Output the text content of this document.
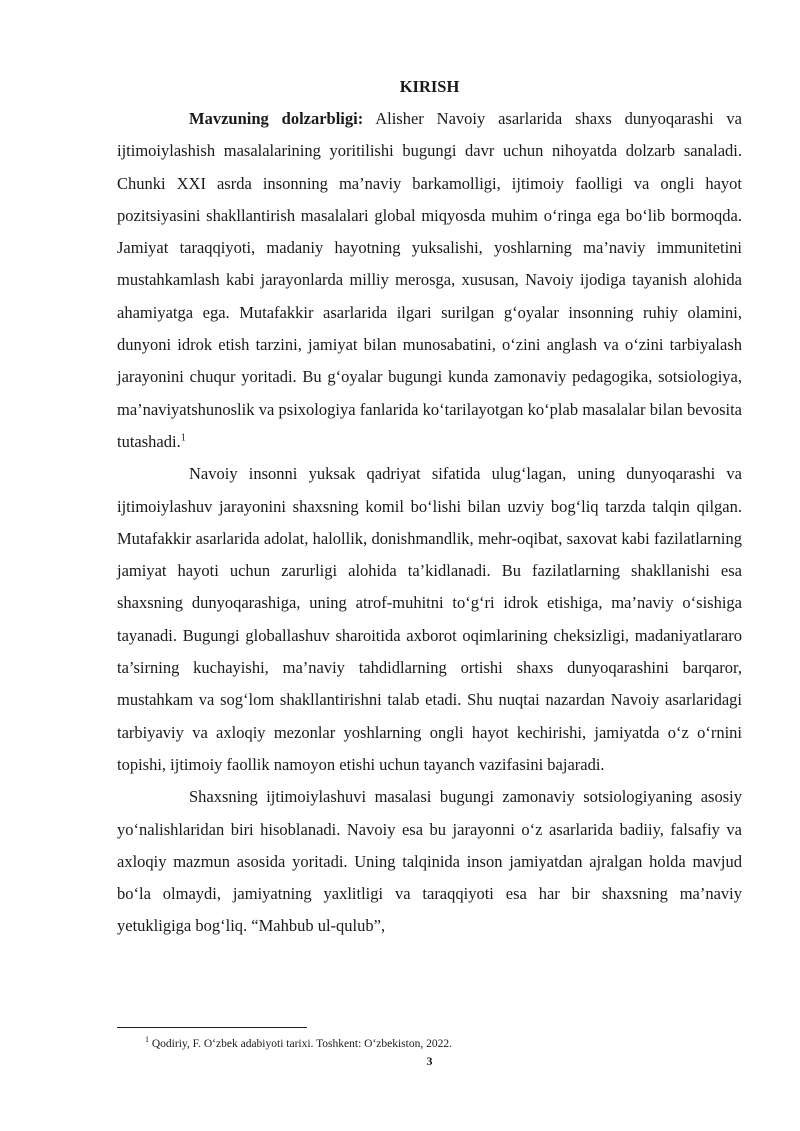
KIRISH

Mavzuning dolzarbligi: Alisher Navoiy asarlarida shaxs dunyoqarashi va ijtimoiylashish masalalarining yoritilishi bugungi davr uchun nihoyatda dolzarb sanaladi. Chunki XXI asrda insonning ma’naviy barkamolligi, ijtimoiy faolligi va ongli hayot pozitsiyasini shakllantirish masalalari global miqyosda muhim o‘ringa ega bo‘lib bormoqda. Jamiyat taraqqiyoti, madaniy hayotning yuksalishi, yoshlarning ma’naviy immunitetini mustahkamlash kabi jarayonlarda milliy merosga, xususan, Navoiy ijodiga tayanish alohida ahamiyatga ega. Mutafakkir asarlarida ilgari surilgan g‘oyalar insonning ruhiy olamini, dunyoni idrok etish tarzini, jamiyat bilan munosabatini, o‘zini anglash va o‘zini tarbiyalash jarayonini chuqur yoritadi. Bu g‘oyalar bugungi kunda zamonaviy pedagogika, sotsiologiya, ma’naviyatshunoslik va psixologiya fanlarida ko‘tarilayotgan ko‘plab masalalar bilan bevosita tutashadi.$^1$

Navoiy insonni yuksak qadriyat sifatida ulug‘lagan, uning dunyoqarashi va ijtimoiylashuv jarayonini shaxsning komil bo‘lishi bilan uzviy bog‘liq tarzda talqin qilgan. Mutafakkir asarlarida adolat, halollik, donishmandlik, mehr-oqibat, saxovat kabi fazilatlarning jamiyat hayoti uchun zarurligi alohida ta’kidlanadi. Bu fazilatlarning shakllanishi esa shaxsning dunyoqarashiga, uning atrof-muhitni to‘g‘ri idrok etishiga, ma’naviy o‘sishiga tayanadi. Bugungi globallashuv sharoitida axborot oqimlarining cheksizligi, madaniyatlararo ta’sirning kuchayishi, ma’naviy tahdidlarning ortishi shaxs dunyoqarashini barqaror, mustahkam va sog‘lom shakllantirishni talab etadi. Shu nuqtai nazardan Navoiy asarlaridagi tarbiyaviy va axloqiy mezonlar yoshlarning ongli hayot kechirishi, jamiyatda o‘z o‘rnini topishi, ijtimoiy faollik namoyon etishi uchun tayanch vazifasini bajaradi.

Shaxsning ijtimoiylashuvi masalasi bugungi zamonaviy sotsiologiyaning asosiy yo‘nalishlaridan biri hisoblanadi. Navoiy esa bu jarayonni o‘z asarlarida badiiy, falsafiy va axloqiy mazmun asosida yoritadi. Uning talqinida inson jamiyatdan ajralgan holda mavjud bo‘la olmaydi, jamiyatning yaxlitligi va taraqqiyoti esa har bir shaxsning ma’naviy yetukligiga bog‘liq. “Mahbub ul-qulub”,

$^1$ Qodiriy, F. O‘zbek adabiyoti tarixi. Toshkent: O‘zbekiston, 2022.

3
